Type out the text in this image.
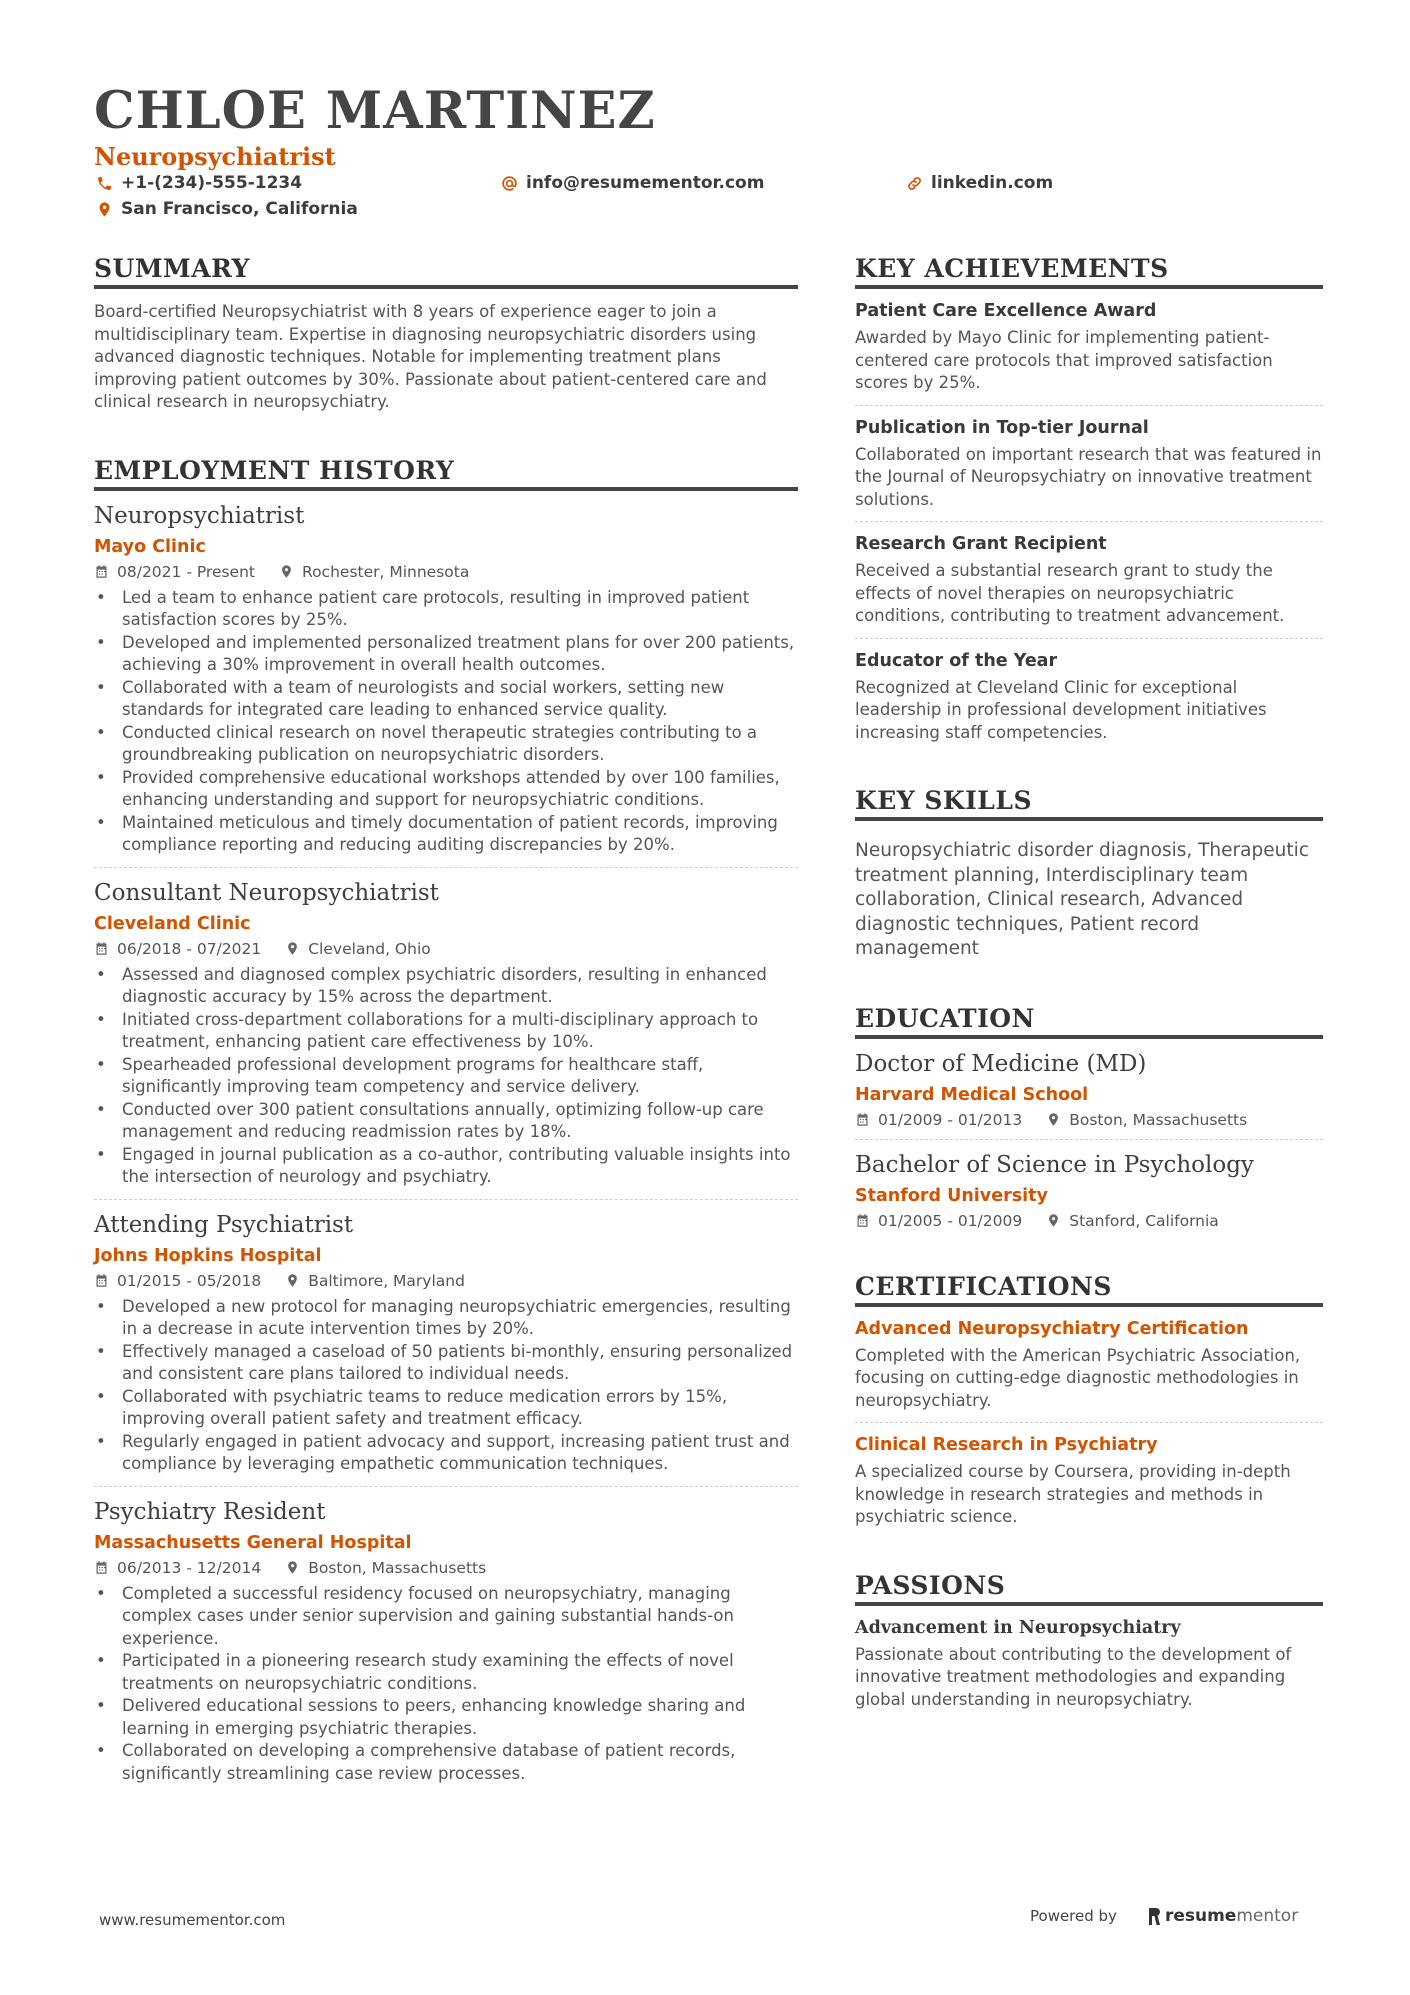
CHLOE MARTINEZ
Neuropsychiatrist
+1-(234)-555-1234	info@resumementor.com	linkedin.com
San Francisco, California
SUMMARY

Board-certified Neuropsychiatrist with 8 years of experience eager to join a multidisciplinary team. Expertise in diagnosing neuropsychiatric disorders using advanced diagnostic techniques. Notable for implementing treatment plans improving patient outcomes by 30%. Passionate about patient-centered care and clinical research in neuropsychiatry.

EMPLOYMENT HISTORY
Neuropsychiatrist
Mayo Clinic
08/2021 - Present	Rochester, Minnesota
• Led a team to enhance patient care protocols, resulting in improved patient satisfaction scores by 25%.
• Developed and implemented personalized treatment plans for over 200 patients, achieving a 30% improvement in overall health outcomes.
• Collaborated with a team of neurologists and social workers, setting new standards for integrated care leading to enhanced service quality.
• Conducted clinical research on novel therapeutic strategies contributing to a groundbreaking publication on neuropsychiatric disorders.
• Provided comprehensive educational workshops attended by over 100 families, enhancing understanding and support for neuropsychiatric conditions.
• Maintained meticulous and timely documentation of patient records, improving compliance reporting and reducing auditing discrepancies by 20%.
Consultant Neuropsychiatrist
Cleveland Clinic
06/2018 - 07/2021	Cleveland, Ohio
• Assessed and diagnosed complex psychiatric disorders, resulting in enhanced diagnostic accuracy by 15% across the department.
• Initiated cross-department collaborations for a multi-disciplinary approach to treatment, enhancing patient care effectiveness by 10%.
• Spearheaded professional development programs for healthcare staff, significantly improving team competency and service delivery.
• Conducted over 300 patient consultations annually, optimizing follow-up care management and reducing readmission rates by 18%.
• Engaged in journal publication as a co-author, contributing valuable insights into the intersection of neurology and psychiatry.
Attending Psychiatrist
Johns Hopkins Hospital
01/2015 - 05/2018	Baltimore, Maryland
• Developed a new protocol for managing neuropsychiatric emergencies, resulting in a decrease in acute intervention times by 20%.
• Effectively managed a caseload of 50 patients bi-monthly, ensuring personalized and consistent care plans tailored to individual needs.
• Collaborated with psychiatric teams to reduce medication errors by 15%, improving overall patient safety and treatment efficacy.
• Regularly engaged in patient advocacy and support, increasing patient trust and compliance by leveraging empathetic communication techniques.
Psychiatry Resident
Massachusetts General Hospital
06/2013 - 12/2014	Boston, Massachusetts
• Completed a successful residency focused on neuropsychiatry, managing complex cases under senior supervision and gaining substantial hands-on experience.
• Participated in a pioneering research study examining the effects of novel treatments on neuropsychiatric conditions.
• Delivered educational sessions to peers, enhancing knowledge sharing and learning in emerging psychiatric therapies.
• Collaborated on developing a comprehensive database of patient records, significantly streamlining case review processes.
KEY ACHIEVEMENTS
Patient Care Excellence Award

Awarded by Mayo Clinic for implementing patient-centered care protocols that improved satisfaction scores by 25%.

Publication in Top-tier Journal

Collaborated on important research that was featured in the Journal of Neuropsychiatry on innovative treatment solutions.

Research Grant Recipient

Received a substantial research grant to study the effects of novel therapies on neuropsychiatric conditions, contributing to treatment advancement.

Educator of the Year

Recognized at Cleveland Clinic for exceptional leadership in professional development initiatives increasing staff competencies.

KEY SKILLS

Neuropsychiatric disorder diagnosis, Therapeutic treatment planning, Interdisciplinary team collaboration, Clinical research, Advanced diagnostic techniques, Patient record management

EDUCATION
Doctor of Medicine (MD)
Harvard Medical School
01/2009 - 01/2013	Boston, Massachusetts
Bachelor of Science in Psychology
Stanford University
01/2005 - 01/2009	Stanford, California
CERTIFICATIONS
Advanced Neuropsychiatry Certification

Completed with the American Psychiatric Association, focusing on cutting-edge diagnostic methodologies in neuropsychiatry.

Clinical Research in Psychiatry

A specialized course by Coursera, providing in-depth knowledge in research strategies and methods in psychiatric science.

PASSIONS
Advancement in Neuropsychiatry

Passionate about contributing to the development of innovative treatment methodologies and expanding global understanding in neuropsychiatry.

www.resumementor.com	Powered by	resume mentor
